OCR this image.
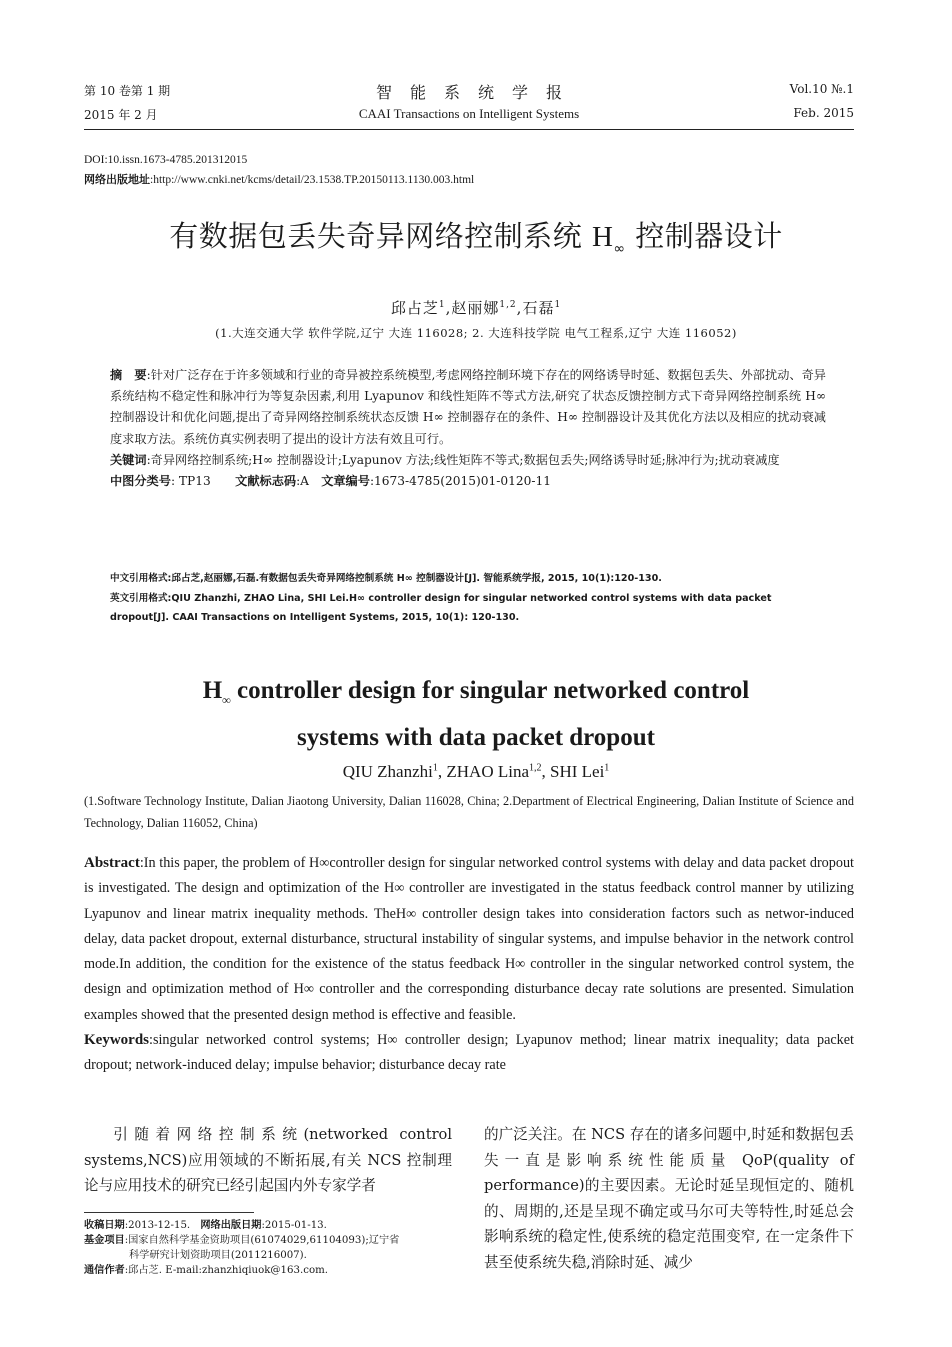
第 10 卷第 1 期	智能系统学报	Vol.10 №.1
2015 年 2 月	CAAI Transactions on Intelligent Systems	Feb. 2015
DOI:10.issn.1673-4785.201312015
网络出版地址:http://www.cnki.net/kcms/detail/23.1538.TP.20150113.1130.003.html
有数据包丢失奇异网络控制系统 $H_\infty$ 控制器设计
邱占芝$^1$,赵丽娜$^{1,2}$,石磊$^1$
(1.大连交通大学 软件学院,辽宁 大连 116028; 2. 大连科技学院 电气工程系,辽宁 大连 116052)

摘　要:针对广泛存在于许多领域和行业的奇异被控系统模型,考虑网络控制环境下存在的网络诱导时延、数据包丢失、外部扰动、奇异系统结构不稳定性和脉冲行为等复杂因素,利用 Lyapunov 和线性矩阵不等式方法,研究了状态反馈控制方式下奇异网络控制系统 H∞ 控制器设计和优化问题,提出了奇异网络控制系统状态反馈 H∞ 控制器存在的条件、H∞ 控制器设计及其优化方法以及相应的扰动衰减度求取方法。系统仿真实例表明了提出的设计方法有效且可行。

关键词:奇异网络控制系统;H∞ 控制器设计;Lyapunov 方法;线性矩阵不等式;数据包丢失;网络诱导时延;脉冲行为;扰动衰减度

中图分类号: TP13　　 文献标志码:A　 文章编号:1673-4785(2015)01-0120-11

中文引用格式:邱占芝,赵丽娜,石磊.有数据包丢失奇异网络控制系统 H∞ 控制器设计[J]. 智能系统学报, 2015, 10(1):120-130.
英文引用格式:QIU Zhanzhi, ZHAO Lina, SHI Lei.H∞ controller design for singular networked control systems with data packet dropout[J]. CAAI Transactions on Intelligent Systems, 2015, 10(1): 120-130.
$H_\infty$ controller design for singular networked control
systems with data packet dropout
QIU Zhanzhi$^1$, ZHAO Lina$^{1,2}$, SHI Lei$^1$
(1.Software Technology Institute, Dalian Jiaotong University, Dalian 116028, China; 2.Department of Electrical Engineering, Dalian Institute of Science and Technology, Dalian 116052, China)

Abstract:In this paper, the problem of H∞controller design for singular networked control systems with delay and data packet dropout is investigated. The design and optimization of the H∞ controller are investigated in the status feedback control manner by utilizing Lyapunov and linear matrix inequality methods. TheH∞ controller design takes into consideration factors such as networ-induced delay, data packet dropout, external disturbance, structural instability of singular systems, and impulse behavior in the network control mode.In addition, the condition for the existence of the status feedback H∞ controller in the singular networked control system, the design and optimization method of H∞ controller and the corresponding disturbance decay rate solutions are presented. Simulation examples showed that the presented design method is effective and feasible.

Keywords:singular networked control systems; H∞ controller design; Lyapunov method; linear matrix inequality; data packet dropout; network-induced delay; impulse behavior; disturbance decay rate

引随着网络控制系统(networked control systems,NCS)应用领域的不断拓展,有关 NCS 控制理论与应用技术的研究已经引起国内外专家学者

收稿日期:2013-12-15.　 网络出版日期:2015-01-13.
基金项目:国家自然科学基金资助项目(61074029,61104093);辽宁省
科学研究计划资助项目(2011216007).
通信作者:邱占芝. E-mail:zhanzhiqiuok@163.com.

的广泛关注。在 NCS 存在的诸多问题中,时延和数据包丢失一直是影响系统性能质量 QoP(quality of performance)的主要因素。无论时延呈现恒定的、随机的、周期的,还是呈现不确定或马尔可夫等特性,时延总会影响系统的稳定性,使系统的稳定范围变窄, 在一定条件下甚至使系统失稳,消除时延、减少
